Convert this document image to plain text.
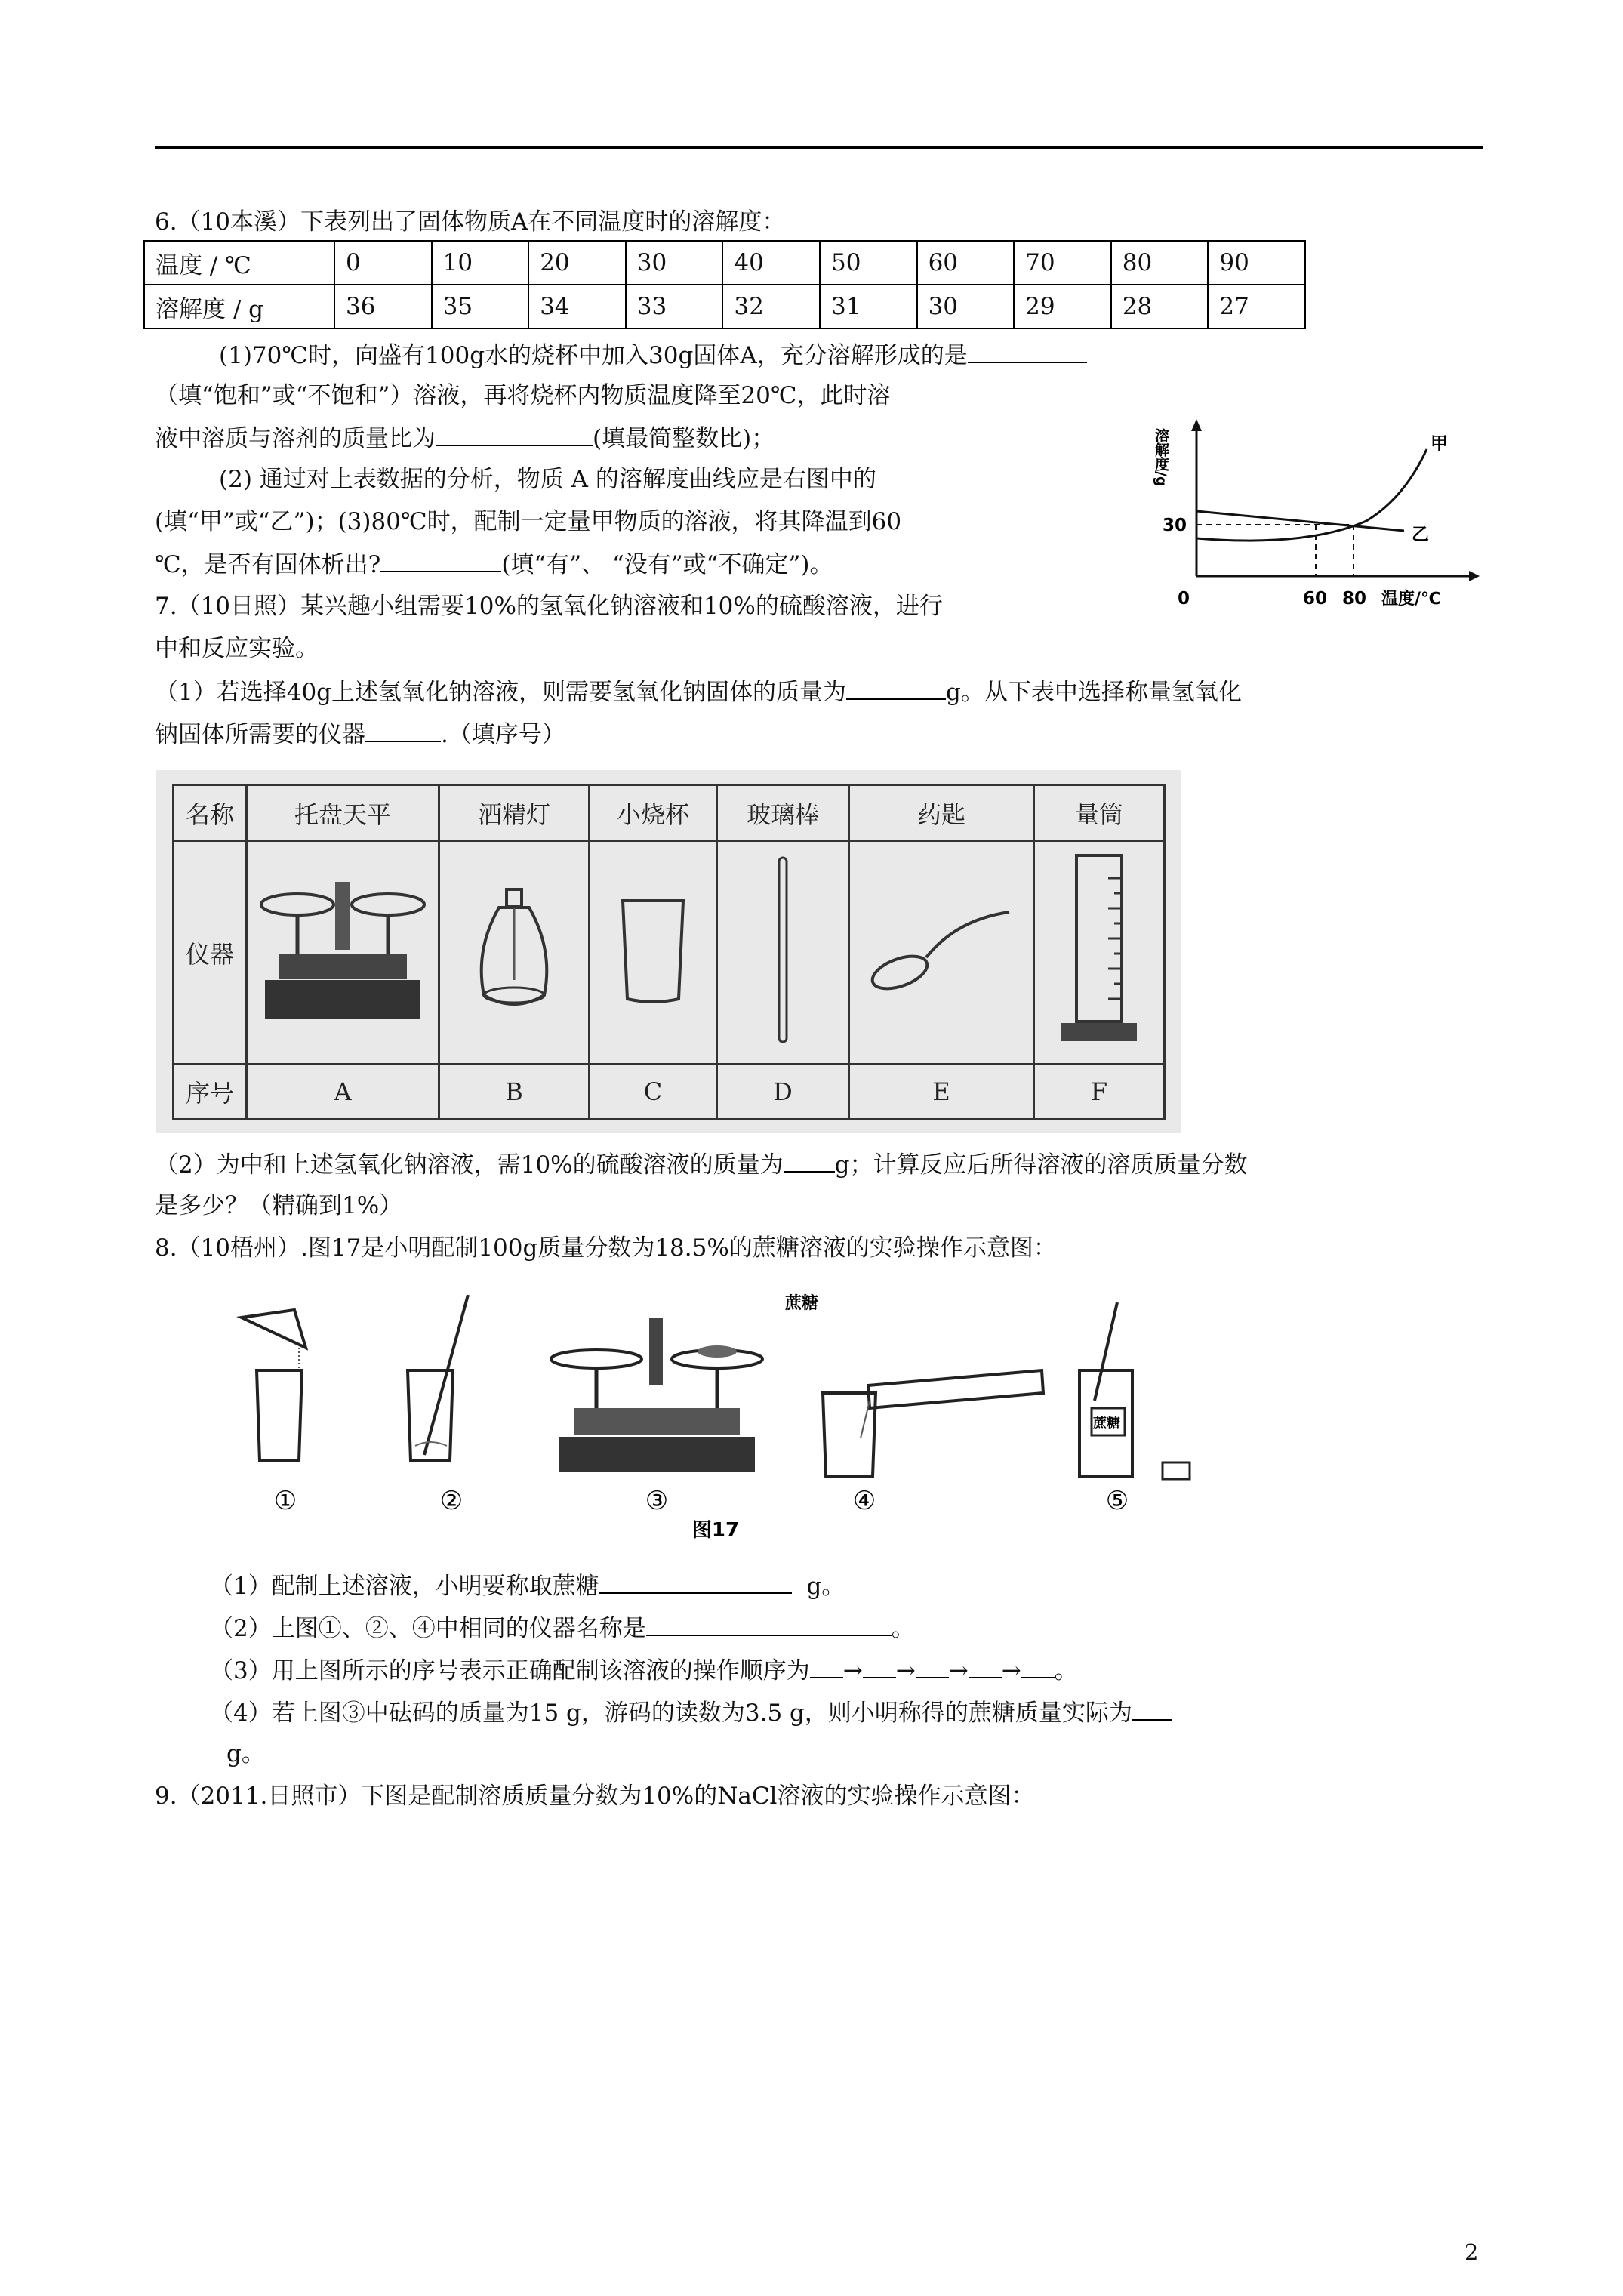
6.（10本溪）下表列出了固体物质A在不同温度时的溶解度：
温度 / ℃	0	10	20	30	40	50	60	70	80	90
溶解度 / g	36	35	34	33	32	31	30	29	28	27
(1)70℃时，向盛有100g水的烧杯中加入30g固体A，充分溶解形成的是
（填“饱和”或“不饱和”）溶液，再将烧杯内物质温度降至20℃，此时溶
液中溶质与溶剂的质量比为	(填最简整数比)；
(2) 通过对上表数据的分析，物质 A 的溶解度曲线应是右图中的
(填“甲”或“乙”)；(3)80℃时，配制一定量甲物质的溶液，将其降温到60
℃，是否有固体析出?	(填“有”、 “没有”或“不确定”)。
溶解度/g
30
0	60 80 温度/℃
甲
乙
7.（10日照）某兴趣小组需要10%的氢氧化钠溶液和10%的硫酸溶液，进行
中和反应实验。
（1）若选择40g上述氢氧化钠溶液，则需要氢氧化钠固体的质量为	g。从下表中选择称量氢氧化
钠固体所需要的仪器	.（填序号）
名称	托盘天平	酒精灯	小烧杯	玻璃棒	药匙	量筒
仪器						
序号	A	B	C	D	E	F
（2）为中和上述氢氧化钠溶液，需10%的硫酸溶液的质量为 g；计算反应后所得溶液的溶质质量分数
是多少？（精确到1%）
8.（10梧州）.图17是小明配制100g质量分数为18.5%的蔗糖溶液的实验操作示意图：
蔗糖
蔗糖
①	②	③	④	⑤
图17
（1）配制上述溶液，小明要称取蔗糖	g。
（2）上图①、②、④中相同的仪器名称是	。
（3）用上图所示的序号表示正确配制该溶液的操作顺序为 → → → → 。
（4）若上图③中砝码的质量为15 g，游码的读数为3.5 g，则小明称得的蔗糖质量实际为
g。
9.（2011.日照市）下图是配制溶质质量分数为10%的NaCl溶液的实验操作示意图：
2
